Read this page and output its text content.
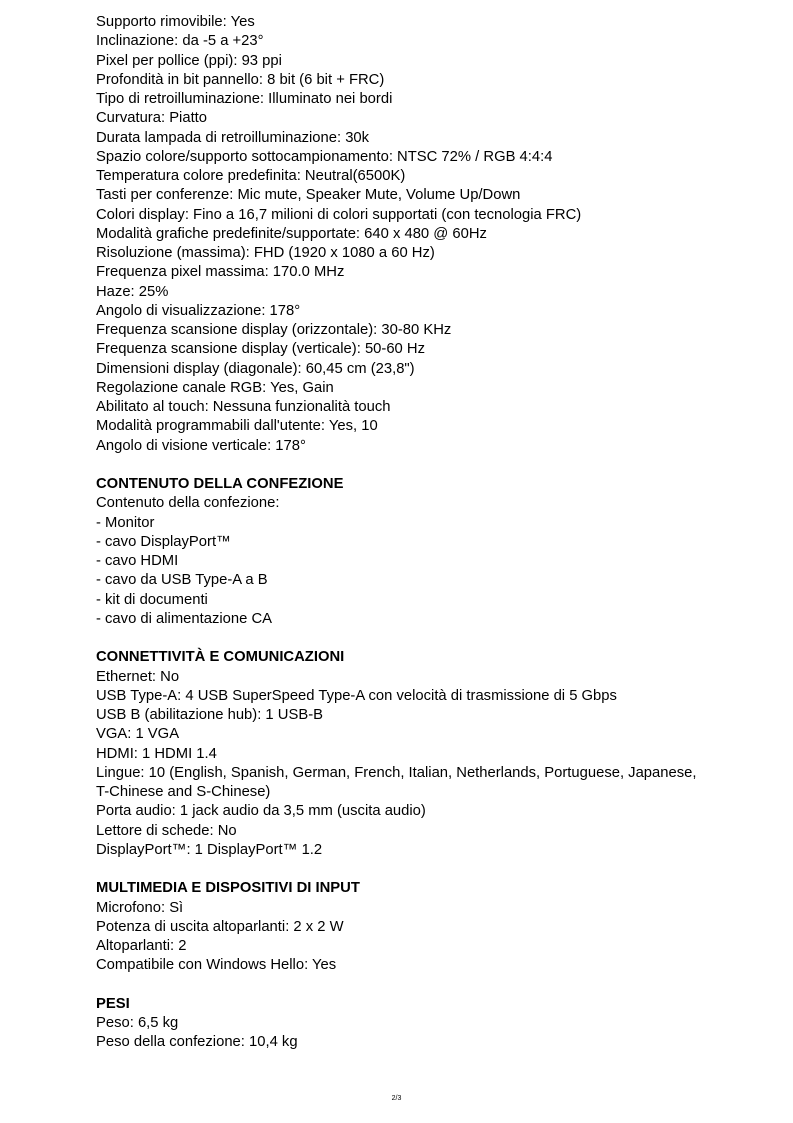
Supporto rimovibile: Yes

Inclinazione: da -5 a +23°

Pixel per pollice (ppi): 93 ppi

Profondità in bit pannello: 8 bit (6 bit + FRC)

Tipo di retroilluminazione: Illuminato nei bordi

Curvatura: Piatto

Durata lampada di retroilluminazione: 30k

Spazio colore/supporto sottocampionamento: NTSC 72% / RGB 4:4:4

Temperatura colore predefinita: Neutral(6500K)

Tasti per conferenze: Mic mute, Speaker Mute, Volume Up/Down

Colori display: Fino a 16,7 milioni di colori supportati (con tecnologia FRC)

Modalità grafiche predefinite/supportate: 640 x 480 @ 60Hz

Risoluzione (massima): FHD (1920 x 1080 a 60 Hz)

Frequenza pixel massima: 170.0 MHz

Haze: 25%

Angolo di visualizzazione: 178°

Frequenza scansione display (orizzontale): 30-80 KHz

Frequenza scansione display (verticale): 50-60 Hz

Dimensioni display (diagonale): 60,45 cm (23,8")

Regolazione canale RGB: Yes, Gain

Abilitato al touch: Nessuna funzionalità touch

Modalità programmabili dall'utente: Yes, 10

Angolo di visione verticale: 178°

CONTENUTO DELLA CONFEZIONE

Contenuto della confezione:

- Monitor

- cavo DisplayPort™

- cavo HDMI

- cavo da USB Type-A a B

- kit di documenti

- cavo di alimentazione CA

CONNETTIVITÀ E COMUNICAZIONI

Ethernet: No

USB Type-A: 4 USB SuperSpeed Type-A con velocità di trasmissione di 5 Gbps

USB B (abilitazione hub): 1 USB-B

VGA: 1 VGA

HDMI: 1 HDMI 1.4

Lingue: 10 (English, Spanish, German, French, Italian, Netherlands, Portuguese, Japanese,

T-Chinese and S-Chinese)

Porta audio: 1 jack audio da 3,5 mm (uscita audio)

Lettore di schede: No

DisplayPort™: 1 DisplayPort™ 1.2

MULTIMEDIA E DISPOSITIVI DI INPUT

Microfono: Sì

Potenza di uscita altoparlanti: 2 x 2 W

Altoparlanti: 2

Compatibile con Windows Hello: Yes

PESI

Peso: 6,5 kg

Peso della confezione: 10,4 kg

2/3
